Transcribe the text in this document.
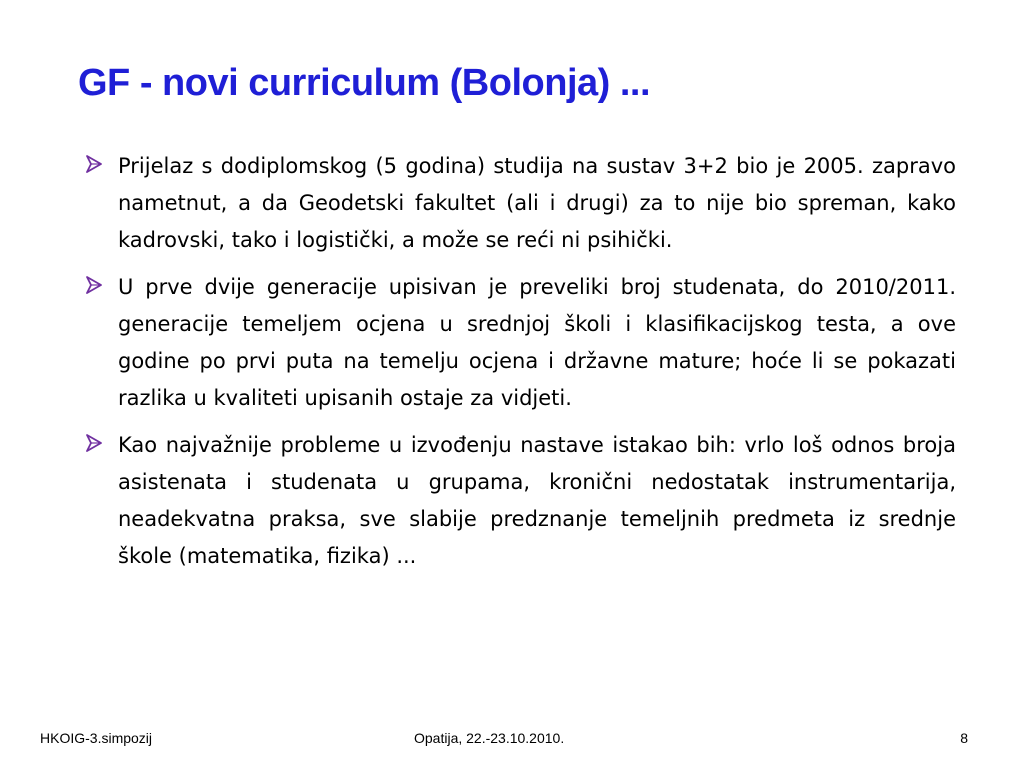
GF - novi curriculum (Bolonja) ...
Prijelaz s dodiplomskog (5 godina) studija na sustav 3+2 bio je 2005. zapravo nametnut, a da Geodetski fakultet (ali i drugi) za to nije bio spreman, kako kadrovski, tako i logistički, a može se reći ni psihički.
U prve dvije generacije upisivan je preveliki broj studenata, do 2010/2011. generacije temeljem ocjena u srednjoj školi i klasifikacijskog testa, a ove godine po prvi puta na temelju ocjena i državne mature; hoće li se pokazati razlika u kvaliteti upisanih ostaje za vidjeti.
Kao najvažnije probleme u izvođenju nastave istakao bih: vrlo loš odnos broja asistenata i studenata u grupama, kronični nedostatak instrumentarija, neadekvatna praksa, sve slabije predznanje temeljnih predmeta iz srednje škole (matematika, fizika) ...
HKOIG-3.simpozij	Opatija, 22.-23.10.2010.	8
